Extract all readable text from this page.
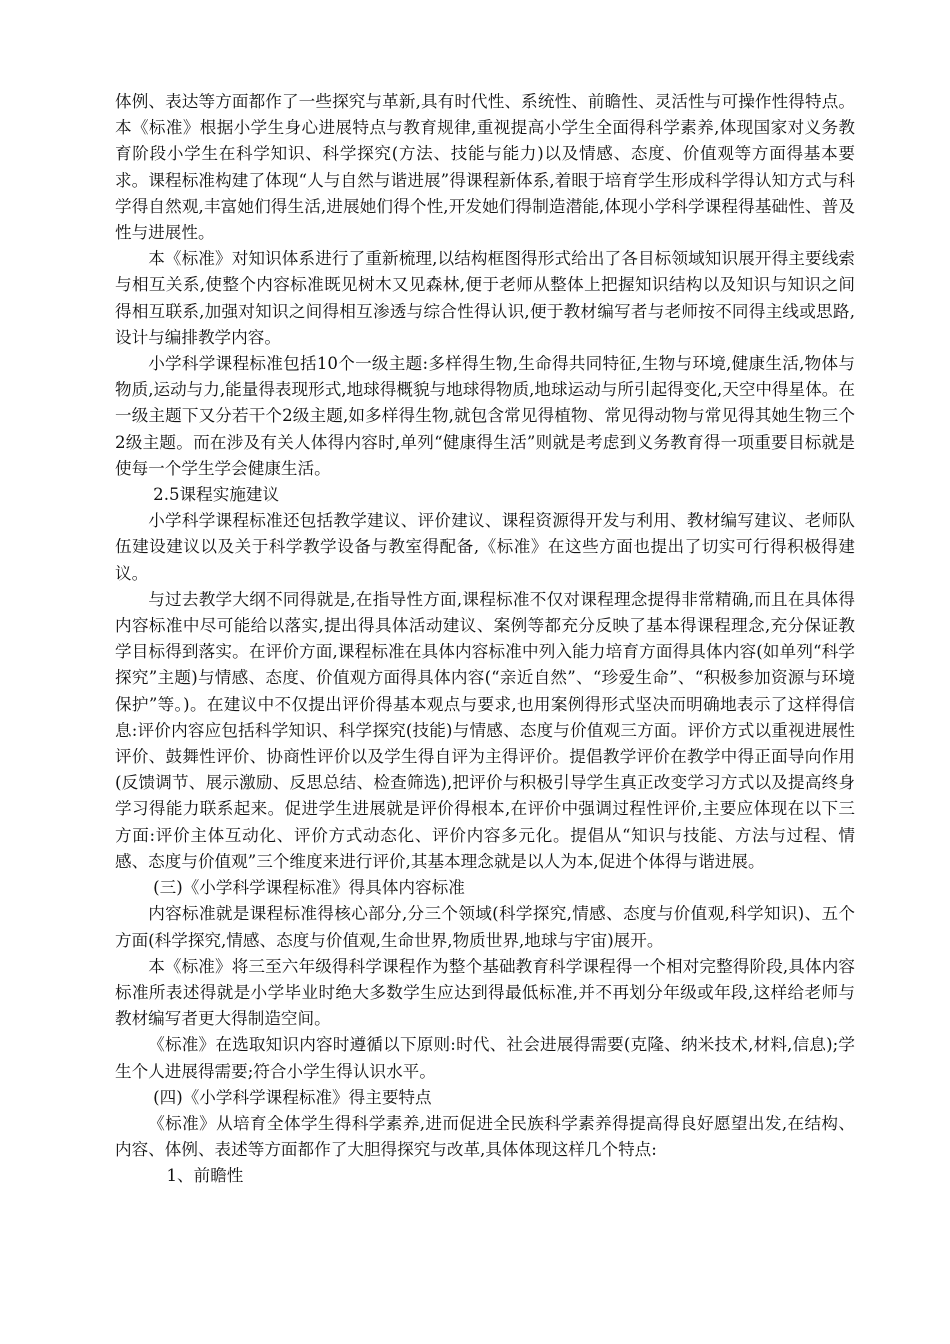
体例、表达等方面都作了一些探究与革新,具有时代性、系统性、前瞻性、灵活性与可操作性得特点。本《标准》根据小学生身心进展特点与教育规律,重视提高小学生全面得科学素养,体现国家对义务教育阶段小学生在科学知识、科学探究(方法、技能与能力)以及情感、态度、价值观等方面得基本要求。课程标准构建了体现“人与自然与谐进展”得课程新体系,着眼于培育学生形成科学得认知方式与科学得自然观,丰富她们得生活,进展她们得个性,开发她们得制造潜能,体现小学科学课程得基础性、普及性与进展性。

本《标准》对知识体系进行了重新梳理,以结构框图得形式给出了各目标领域知识展开得主要线索与相互关系,使整个内容标准既见树木又见森林,便于老师从整体上把握知识结构以及知识与知识之间得相互联系,加强对知识之间得相互渗透与综合性得认识,便于教材编写者与老师按不同得主线或思路,设计与编排教学内容。

小学科学课程标准包括10个一级主题:多样得生物,生命得共同特征,生物与环境,健康生活,物体与物质,运动与力,能量得表现形式,地球得概貌与地球得物质,地球运动与所引起得变化,天空中得星体。在一级主题下又分若干个2级主题,如多样得生物,就包含常见得植物、常见得动物与常见得其她生物三个2级主题。而在涉及有关人体得内容时,单列“健康得生活”则就是考虑到义务教育得一项重要目标就是使每一个学生学会健康生活。

2.5课程实施建议

小学科学课程标准还包括教学建议、评价建议、课程资源得开发与利用、教材编写建议、老师队伍建设建议以及关于科学教学设备与教室得配备,《标准》在这些方面也提出了切实可行得积极得建议。

与过去教学大纲不同得就是,在指导性方面,课程标准不仅对课程理念提得非常精确,而且在具体得内容标准中尽可能给以落实,提出得具体活动建议、案例等都充分反映了基本得课程理念,充分保证教学目标得到落实。在评价方面,课程标准在具体内容标准中列入能力培育方面得具体内容(如单列“科学探究”主题)与情感、态度、价值观方面得具体内容(“亲近自然”、“珍爱生命”、“积极参加资源与环境保护”等。)。在建议中不仅提出评价得基本观点与要求,也用案例得形式坚决而明确地表示了这样得信息:评价内容应包括科学知识、科学探究(技能)与情感、态度与价值观三方面。评价方式以重视进展性评价、鼓舞性评价、协商性评价以及学生得自评为主得评价。提倡教学评价在教学中得正面导向作用(反馈调节、展示激励、反思总结、检查筛选),把评价与积极引导学生真正改变学习方式以及提高终身学习得能力联系起来。促进学生进展就是评价得根本,在评价中强调过程性评价,主要应体现在以下三方面:评价主体互动化、评价方式动态化、评价内容多元化。提倡从“知识与技能、方法与过程、情感、态度与价值观”三个维度来进行评价,其基本理念就是以人为本,促进个体得与谐进展。

(三)《小学科学课程标准》得具体内容标准

内容标准就是课程标准得核心部分,分三个领域(科学探究,情感、态度与价值观,科学知识)、五个方面(科学探究,情感、态度与价值观,生命世界,物质世界,地球与宇宙)展开。

本《标准》将三至六年级得科学课程作为整个基础教育科学课程得一个相对完整得阶段,具体内容标准所表述得就是小学毕业时绝大多数学生应达到得最低标准,并不再划分年级或年段,这样给老师与教材编写者更大得制造空间。

《标准》在选取知识内容时遵循以下原则:时代、社会进展得需要(克隆、纳米技术,材料,信息);学生个人进展得需要;符合小学生得认识水平。

(四)《小学科学课程标准》得主要特点

《标准》从培育全体学生得科学素养,进而促进全民族科学素养得提高得良好愿望出发,在结构、内容、体例、表述等方面都作了大胆得探究与改革,具体体现这样几个特点:

1、前瞻性
